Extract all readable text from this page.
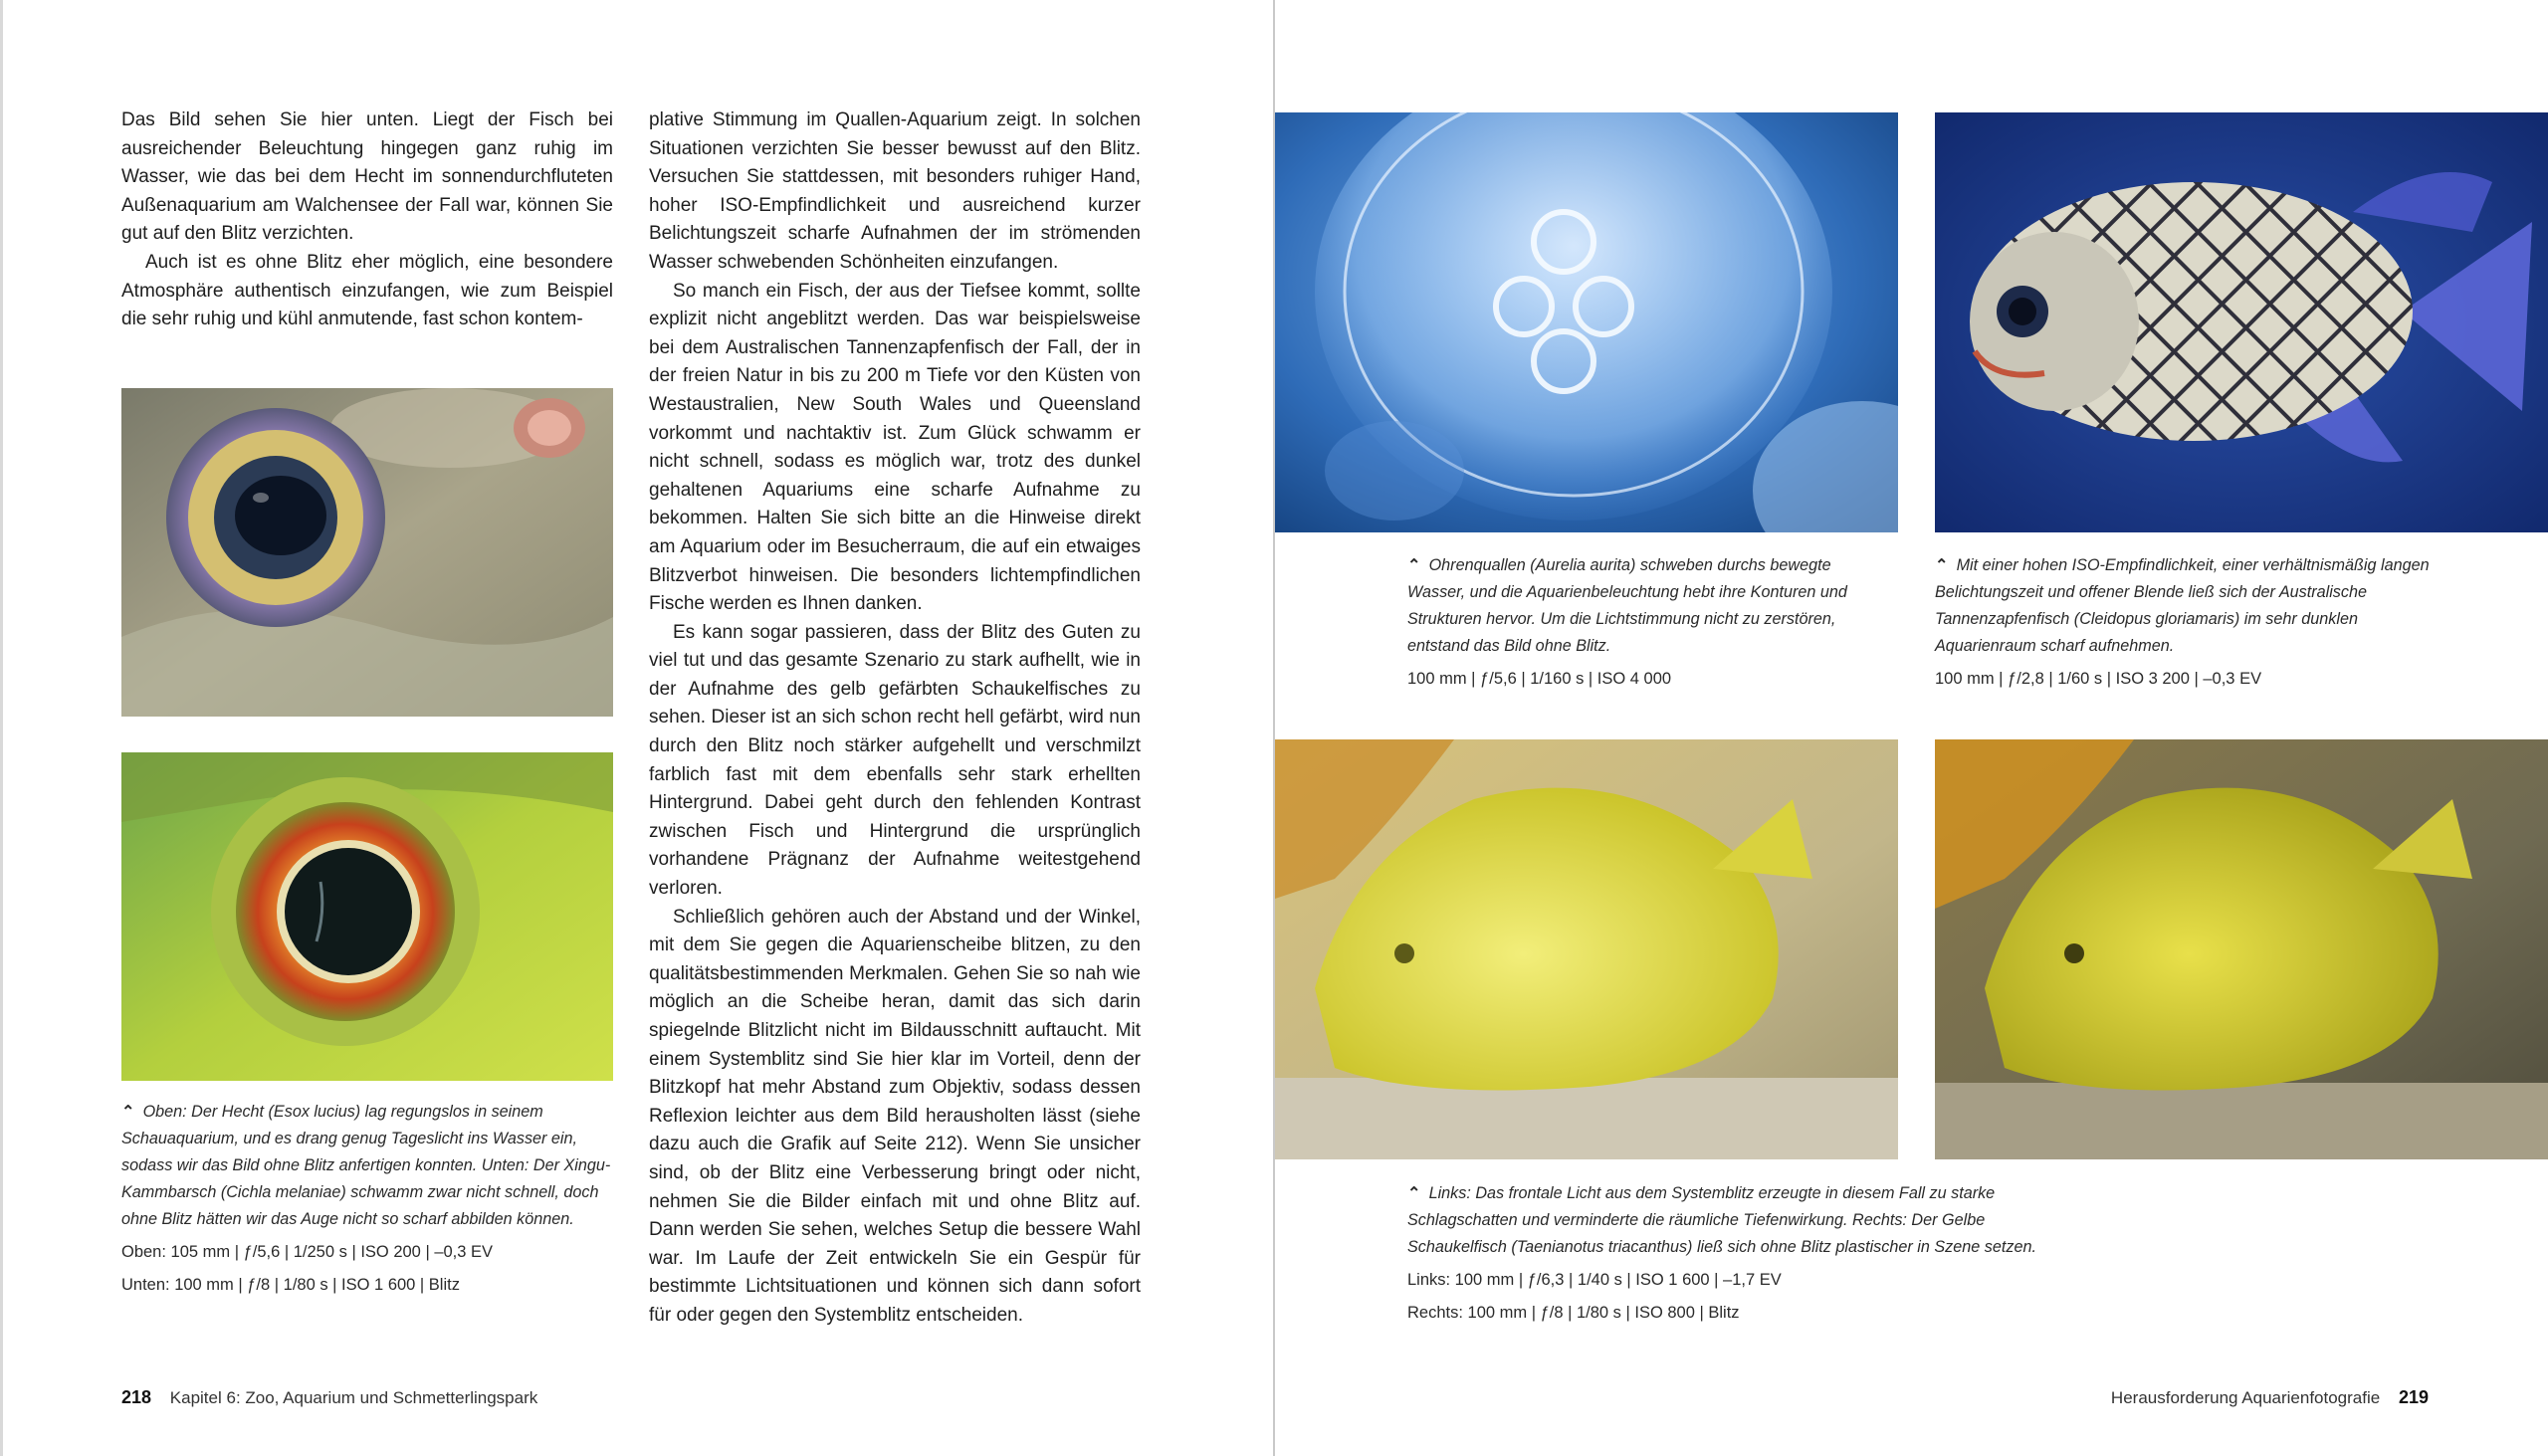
Das Bild sehen Sie hier unten. Liegt der Fisch bei ausreichender Beleuchtung hingegen ganz ruhig im Wasser, wie das bei dem Hecht im sonnendurchfluteten Außenaquarium am Walchensee der Fall war, können Sie gut auf den Blitz verzichten.

Auch ist es ohne Blitz eher möglich, eine besondere Atmosphäre authentisch einzufangen, wie zum Beispiel die sehr ruhig und kühl anmutende, fast schon kontem-

⌃ Oben: Der Hecht (Esox lucius) lag regungslos in seinem Schauaquarium, und es drang genug Tageslicht ins Wasser ein, sodass wir das Bild ohne Blitz anfertigen konnten. Unten: Der Xingu-Kammbarsch (Cichla melaniae) schwamm zwar nicht schnell, doch ohne Blitz hätten wir das Auge nicht so scharf abbilden können.
Oben: 105 mm | ƒ/5,6 | 1/250 s | ISO 200 | –0,3 EV
Unten: 100 mm | ƒ/8 | 1/80 s | ISO 1 600 | Blitz

plative Stimmung im Quallen-Aquarium zeigt. In solchen Situationen verzichten Sie besser bewusst auf den Blitz. Versuchen Sie stattdessen, mit besonders ruhiger Hand, hoher ISO-Empfindlichkeit und ausreichend kurzer Belichtungszeit scharfe Aufnahmen der im strömenden Wasser schwebenden Schönheiten einzufangen.

So manch ein Fisch, der aus der Tiefsee kommt, sollte explizit nicht angeblitzt werden. Das war beispielsweise bei dem Australischen Tannenzapfenfisch der Fall, der in der freien Natur in bis zu 200 m Tiefe vor den Küsten von Westaustralien, New South Wales und Queensland vorkommt und nachtaktiv ist. Zum Glück schwamm er nicht schnell, sodass es möglich war, trotz des dunkel gehaltenen Aquariums eine scharfe Aufnahme zu bekommen. Halten Sie sich bitte an die Hinweise direkt am Aquarium oder im Besucherraum, die auf ein etwaiges Blitzverbot hinweisen. Die besonders lichtempfindlichen Fische werden es Ihnen danken.

Es kann sogar passieren, dass der Blitz des Guten zu viel tut und das gesamte Szenario zu stark aufhellt, wie in der Aufnahme des gelb gefärbten Schaukelfisches zu sehen. Dieser ist an sich schon recht hell gefärbt, wird nun durch den Blitz noch stärker aufgehellt und verschmilzt farblich fast mit dem ebenfalls sehr stark erhellten Hintergrund. Dabei geht durch den fehlenden Kontrast zwischen Fisch und Hintergrund die ursprünglich vorhandene Prägnanz der Aufnahme weitestgehend verloren.

Schließlich gehören auch der Abstand und der Winkel, mit dem Sie gegen die Aquarienscheibe blitzen, zu den qualitätsbestimmenden Merkmalen. Gehen Sie so nah wie möglich an die Scheibe heran, damit das sich darin spiegelnde Blitzlicht nicht im Bildausschnitt auftaucht. Mit einem Systemblitz sind Sie hier klar im Vorteil, denn der Blitzkopf hat mehr Abstand zum Objektiv, sodass dessen Reflexion leichter aus dem Bild herausholten lässt (siehe dazu auch die Grafik auf Seite 212). Wenn Sie unsicher sind, ob der Blitz eine Verbesserung bringt oder nicht, nehmen Sie die Bilder einfach mit und ohne Blitz auf. Dann werden Sie sehen, welches Setup die bessere Wahl war. Im Laufe der Zeit entwickeln Sie ein Gespür für bestimmte Lichtsituationen und können sich dann sofort für oder gegen den Systemblitz entscheiden.

218 Kapitel 6: Zoo, Aquarium und Schmetterlingspark
⌃ Ohrenquallen (Aurelia aurita) schweben durchs bewegte Wasser, und die Aquarienbeleuchtung hebt ihre Konturen und Strukturen hervor. Um die Lichtstimmung nicht zu zerstören, entstand das Bild ohne Blitz.
100 mm | ƒ/5,6 | 1/160 s | ISO 4 000
⌃ Mit einer hohen ISO-Empfindlichkeit, einer verhältnismäßig langen Belichtungszeit und offener Blende ließ sich der Australische Tannenzapfenfisch (Cleidopus gloriamaris) im sehr dunklen Aquarienraum scharf aufnehmen.
100 mm | ƒ/2,8 | 1/60 s | ISO 3 200 | –0,3 EV
⌃ Links: Das frontale Licht aus dem Systemblitz erzeugte in diesem Fall zu starke Schlagschatten und verminderte die räumliche Tiefenwirkung. Rechts: Der Gelbe Schaukelfisch (Taenianotus triacanthus) ließ sich ohne Blitz plastischer in Szene setzen.
Links: 100 mm | ƒ/6,3 | 1/40 s | ISO 1 600 | –1,7 EV
Rechts: 100 mm | ƒ/8 | 1/80 s | ISO 800 | Blitz
Herausforderung Aquarienfotografie 219
